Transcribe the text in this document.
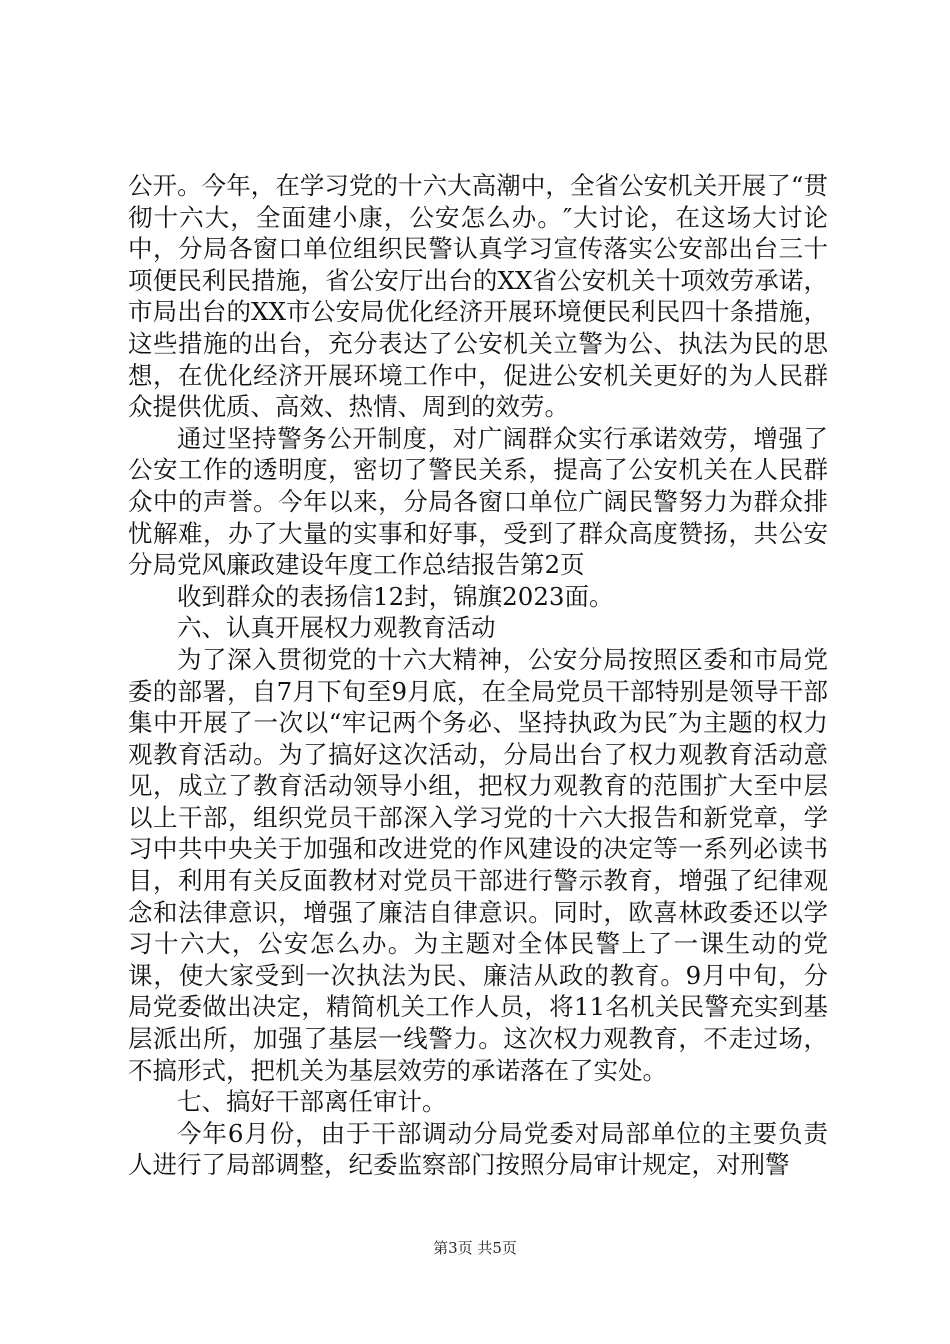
公开。今年，在学习党的十六大高潮中，全省公安机关开展了“贯彻十六大，全面建小康，公安怎么办。″大讨论，在这场大讨论中，分局各窗口单位组织民警认真学习宣传落实公安部出台三十项便民利民措施，省公安厅出台的XX省公安机关十项效劳承诺，市局出台的XX市公安局优化经济开展环境便民利民四十条措施，这些措施的出台，充分表达了公安机关立警为公、执法为民的思想，在优化经济开展环境工作中，促进公安机关更好的为人民群众提供优质、高效、热情、周到的效劳。

通过坚持警务公开制度，对广阔群众实行承诺效劳，增强了公安工作的透明度，密切了警民关系，提高了公安机关在人民群众中的声誉。今年以来，分局各窗口单位广阔民警努力为群众排忧解难，办了大量的实事和好事，受到了群众高度赞扬，共公安分局党风廉政建设年度工作总结报告第2页

收到群众的表扬信12封，锦旗2023面。

六、认真开展权力观教育活动

为了深入贯彻党的十六大精神，公安分局按照区委和市局党委的部署，自7月下旬至9月底，在全局党员干部特别是领导干部集中开展了一次以“牢记两个务必、坚持执政为民″为主题的权力观教育活动。为了搞好这次活动，分局出台了权力观教育活动意见，成立了教育活动领导小组，把权力观教育的范围扩大至中层以上干部，组织党员干部深入学习党的十六大报告和新党章，学习中共中央关于加强和改进党的作风建设的决定等一系列必读书目，利用有关反面教材对党员干部进行警示教育，增强了纪律观念和法律意识，增强了廉洁自律意识。同时，欧喜林政委还以学习十六大，公安怎么办。为主题对全体民警上了一课生动的党课，使大家受到一次执法为民、廉洁从政的教育。9月中旬，分局党委做出决定，精简机关工作人员，将11名机关民警充实到基层派出所，加强了基层一线警力。这次权力观教育，不走过场，不搞形式，把机关为基层效劳的承诺落在了实处。

七、搞好干部离任审计。

今年6月份，由于干部调动分局党委对局部单位的主要负责人进行了局部调整，纪委监察部门按照分局审计规定，对刑警

第3页 共5页
